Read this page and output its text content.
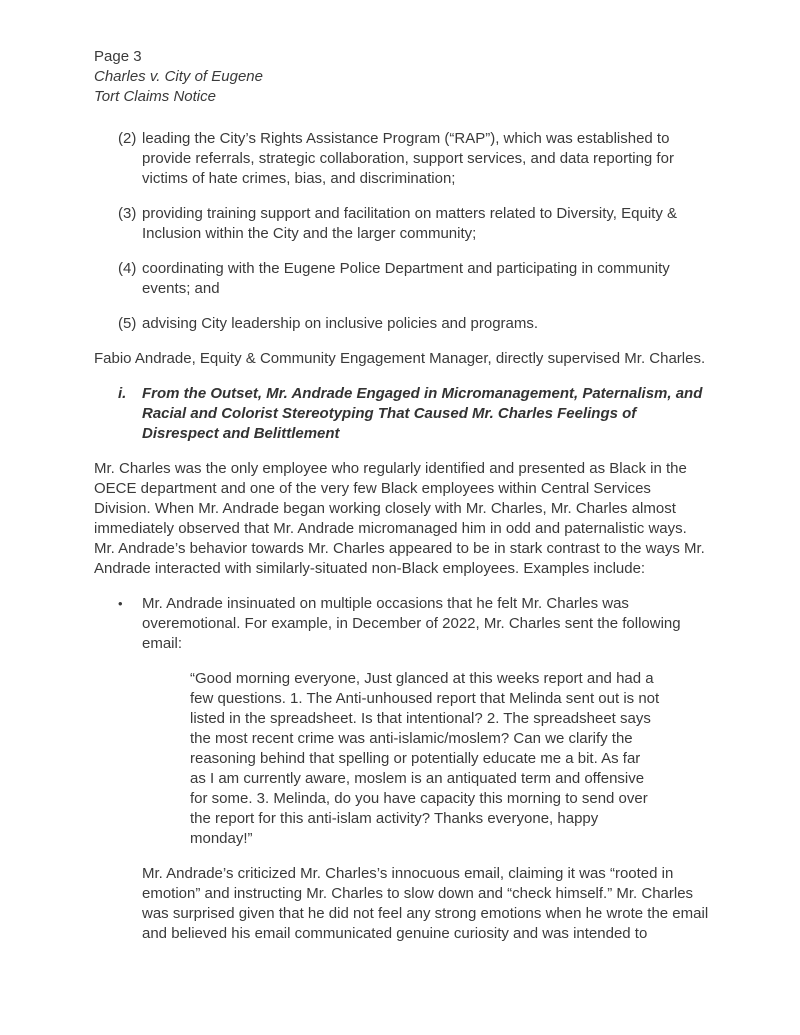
Page 3
Charles v. City of Eugene
Tort Claims Notice
(2) leading the City’s Rights Assistance Program (“RAP”), which was established to provide referrals, strategic collaboration, support services, and data reporting for victims of hate crimes, bias, and discrimination;
(3) providing training support and facilitation on matters related to Diversity, Equity & Inclusion within the City and the larger community;
(4) coordinating with the Eugene Police Department and participating in community events; and
(5) advising City leadership on inclusive policies and programs.
Fabio Andrade, Equity & Community Engagement Manager, directly supervised Mr. Charles.
i.	From the Outset, Mr. Andrade Engaged in Micromanagement, Paternalism, and Racial and Colorist Stereotyping That Caused Mr. Charles Feelings of Disrespect and Belittlement
Mr. Charles was the only employee who regularly identified and presented as Black in the OECE department and one of the very few Black employees within Central Services Division. When Mr. Andrade began working closely with Mr. Charles, Mr. Charles almost immediately observed that Mr. Andrade micromanaged him in odd and paternalistic ways. Mr. Andrade’s behavior towards Mr. Charles appeared to be in stark contrast to the ways Mr. Andrade interacted with similarly-situated non-Black employees. Examples include:
•	Mr. Andrade insinuated on multiple occasions that he felt Mr. Charles was overemotional. For example, in December of 2022, Mr. Charles sent the following email:
“Good morning everyone, Just glanced at this weeks report and had a few questions. 1. The Anti-unhoused report that Melinda sent out is not listed in the spreadsheet. Is that intentional? 2. The spreadsheet says the most recent crime was anti-islamic/moslem? Can we clarify the reasoning behind that spelling or potentially educate me a bit. As far as I am currently aware, moslem is an antiquated term and offensive for some. 3. Melinda, do you have capacity this morning to send over the report for this anti-islam activity? Thanks everyone, happy monday!”
Mr. Andrade’s criticized Mr. Charles’s innocuous email, claiming it was “rooted in emotion” and instructing Mr. Charles to slow down and “check himself.” Mr. Charles was surprised given that he did not feel any strong emotions when he wrote the email and believed his email communicated genuine curiosity and was intended to
